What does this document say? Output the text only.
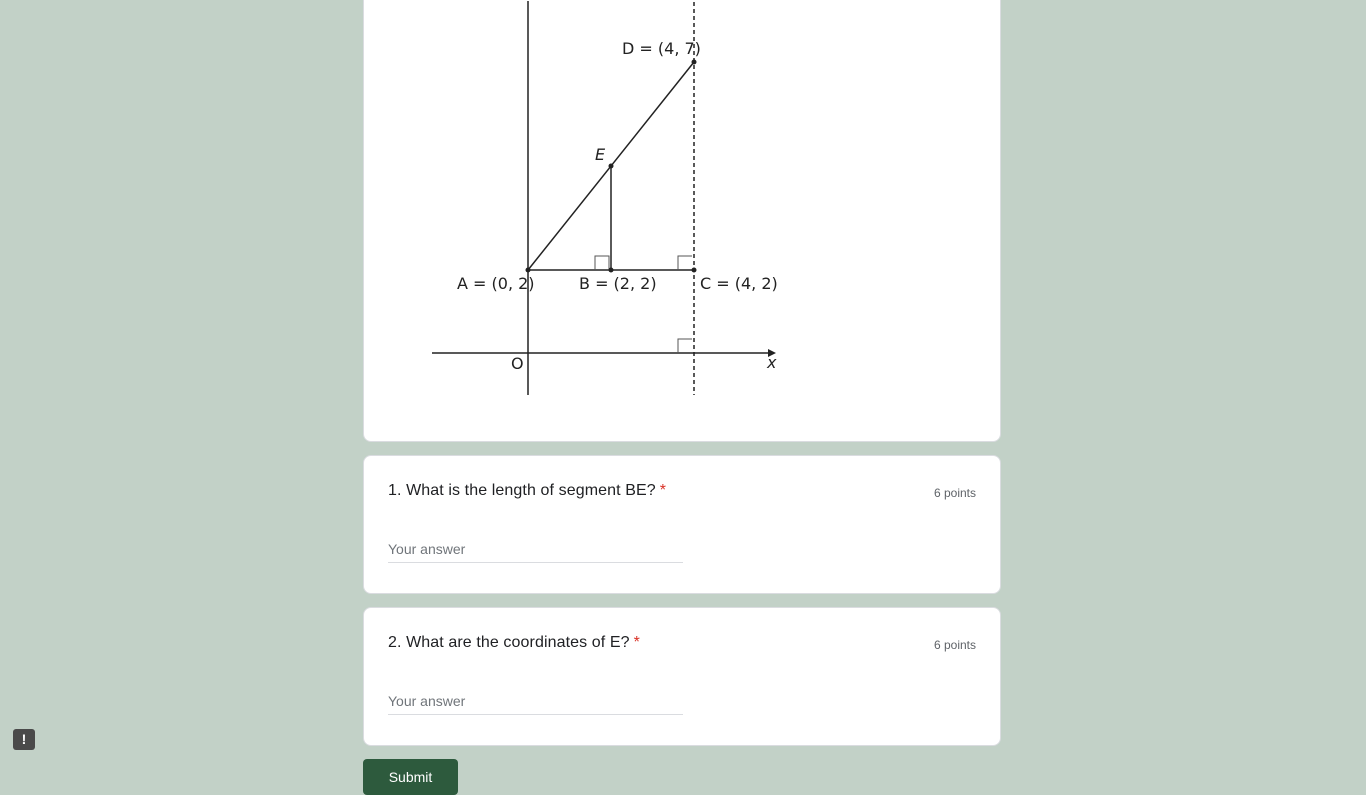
x
O
D = (4, 7)
E
A = (0, 2)	B = (2, 2)	C = (4, 2)
1. What is the length of segment BE? *	6 points
Your answer
2. What are the coordinates of E? *	6 points
Your answer
Submit
!
